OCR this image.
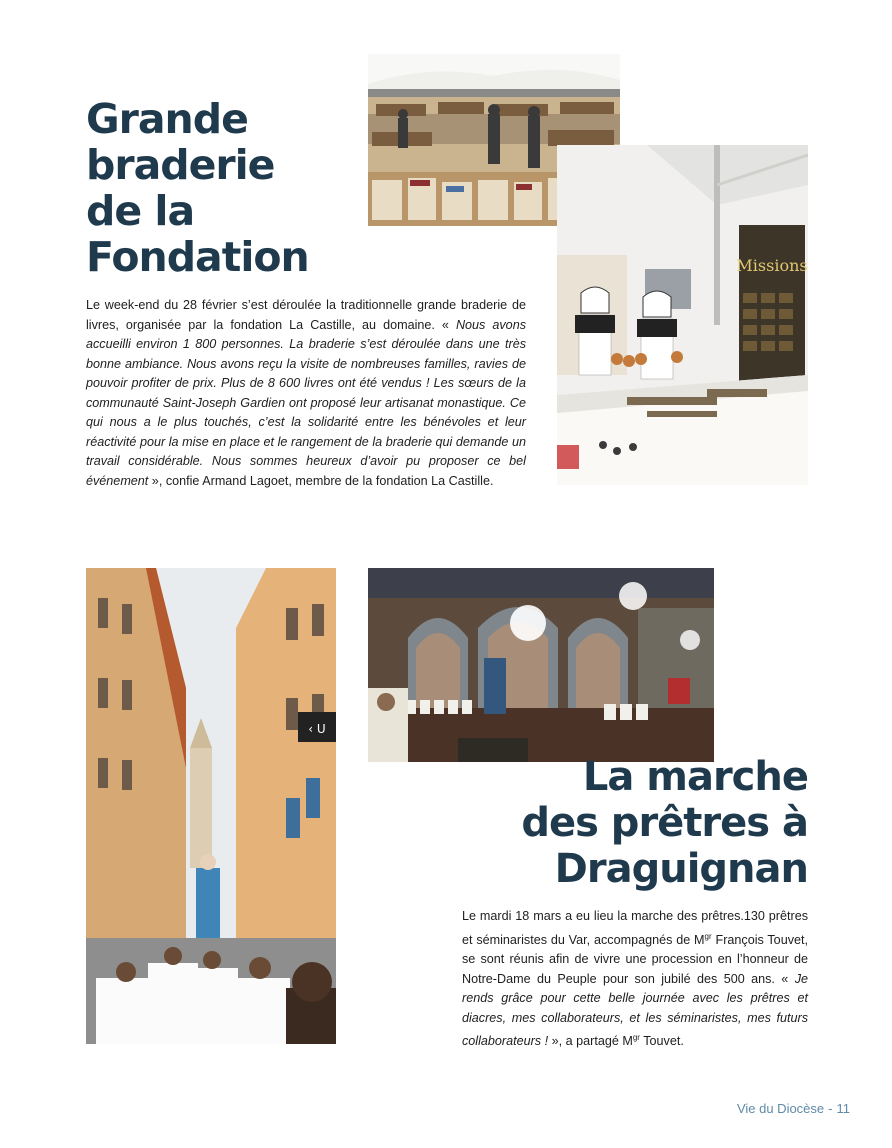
Grande
braderie
de la
Fondation	Missions

Le week-end du 28 février s’est déroulée la traditionnelle grande braderie de livres, organisée par la fondation La Castille, au domaine. « Nous avons accueilli environ 1 800 personnes. La braderie s’est déroulée dans une très bonne ambiance. Nous avons reçu la visite de nombreuses familles, ravies de pouvoir profiter de prix. Plus de 8 600 livres ont été vendus ! Les sœurs de la communauté Saint-Joseph Gardien ont proposé leur artisanat monastique. Ce qui nous a le plus touchés, c’est la solidarité entre les bénévoles et leur réactivité pour la mise en place et le rangement de la braderie qui demande un travail considérable. Nous sommes heureux d’avoir pu proposer ce bel événement », confie Armand Lagoet, membre de la fondation La Castille.

‹ U
La marche
des prêtres à
Draguignan

Le mardi 18 mars a eu lieu la marche des prêtres.130 prêtres et séminaristes du Var, accompagnés de $M^{gr}$ François Touvet, se sont réunis afin de vivre une procession en l’honneur de Notre-Dame du Peuple pour son jubilé des 500 ans. « Je rends grâce pour cette belle journée avec les prêtres et diacres, mes collaborateurs, et les séminaristes, mes futurs collaborateurs ! », a partagé $M^{gr}$ Touvet.

Vie du Diocèse - 11
